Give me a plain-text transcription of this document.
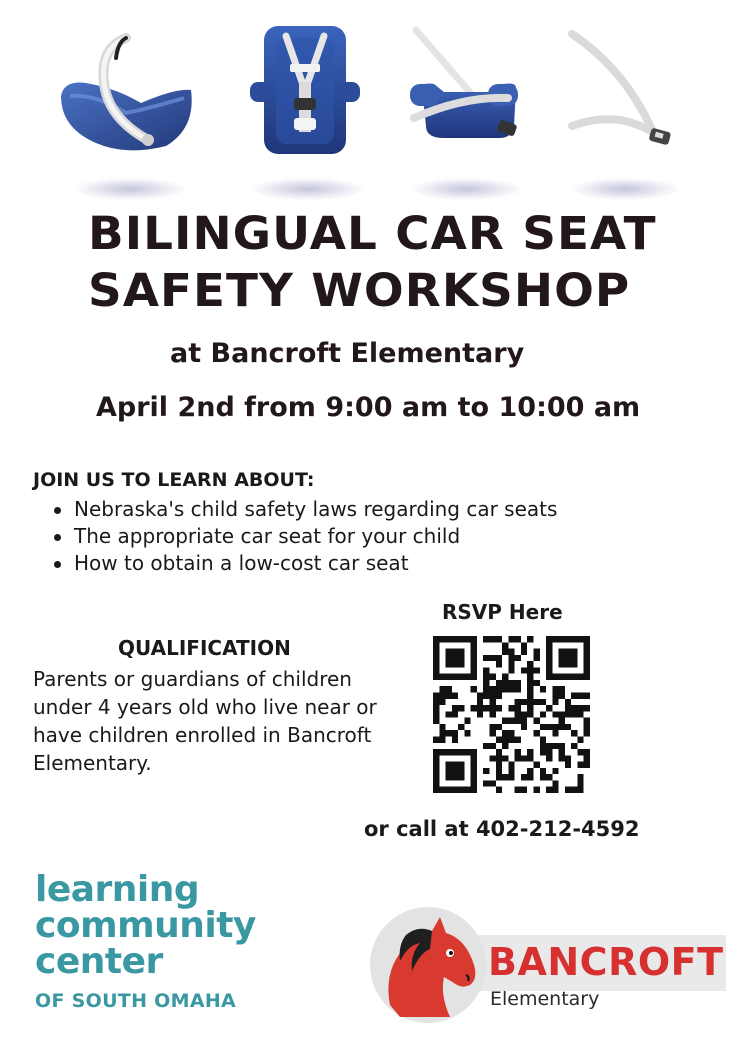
BILINGUAL CAR SEAT
SAFETY WORKSHOP
at Bancroft Elementary
April 2nd from 9:00 am to 10:00 am
JOIN US TO LEARN ABOUT:
Nebraska's child safety laws regarding car seats
The appropriate car seat for your child
How to obtain a low-cost car seat
QUALIFICATION
Parents or guardians of children under 4 years old who live near or have children enrolled in Bancroft Elementary.
RSVP Here
or call at 402-212-4592
learning
community
center
OF SOUTH OMAHA
BANCROFT
Elementary
